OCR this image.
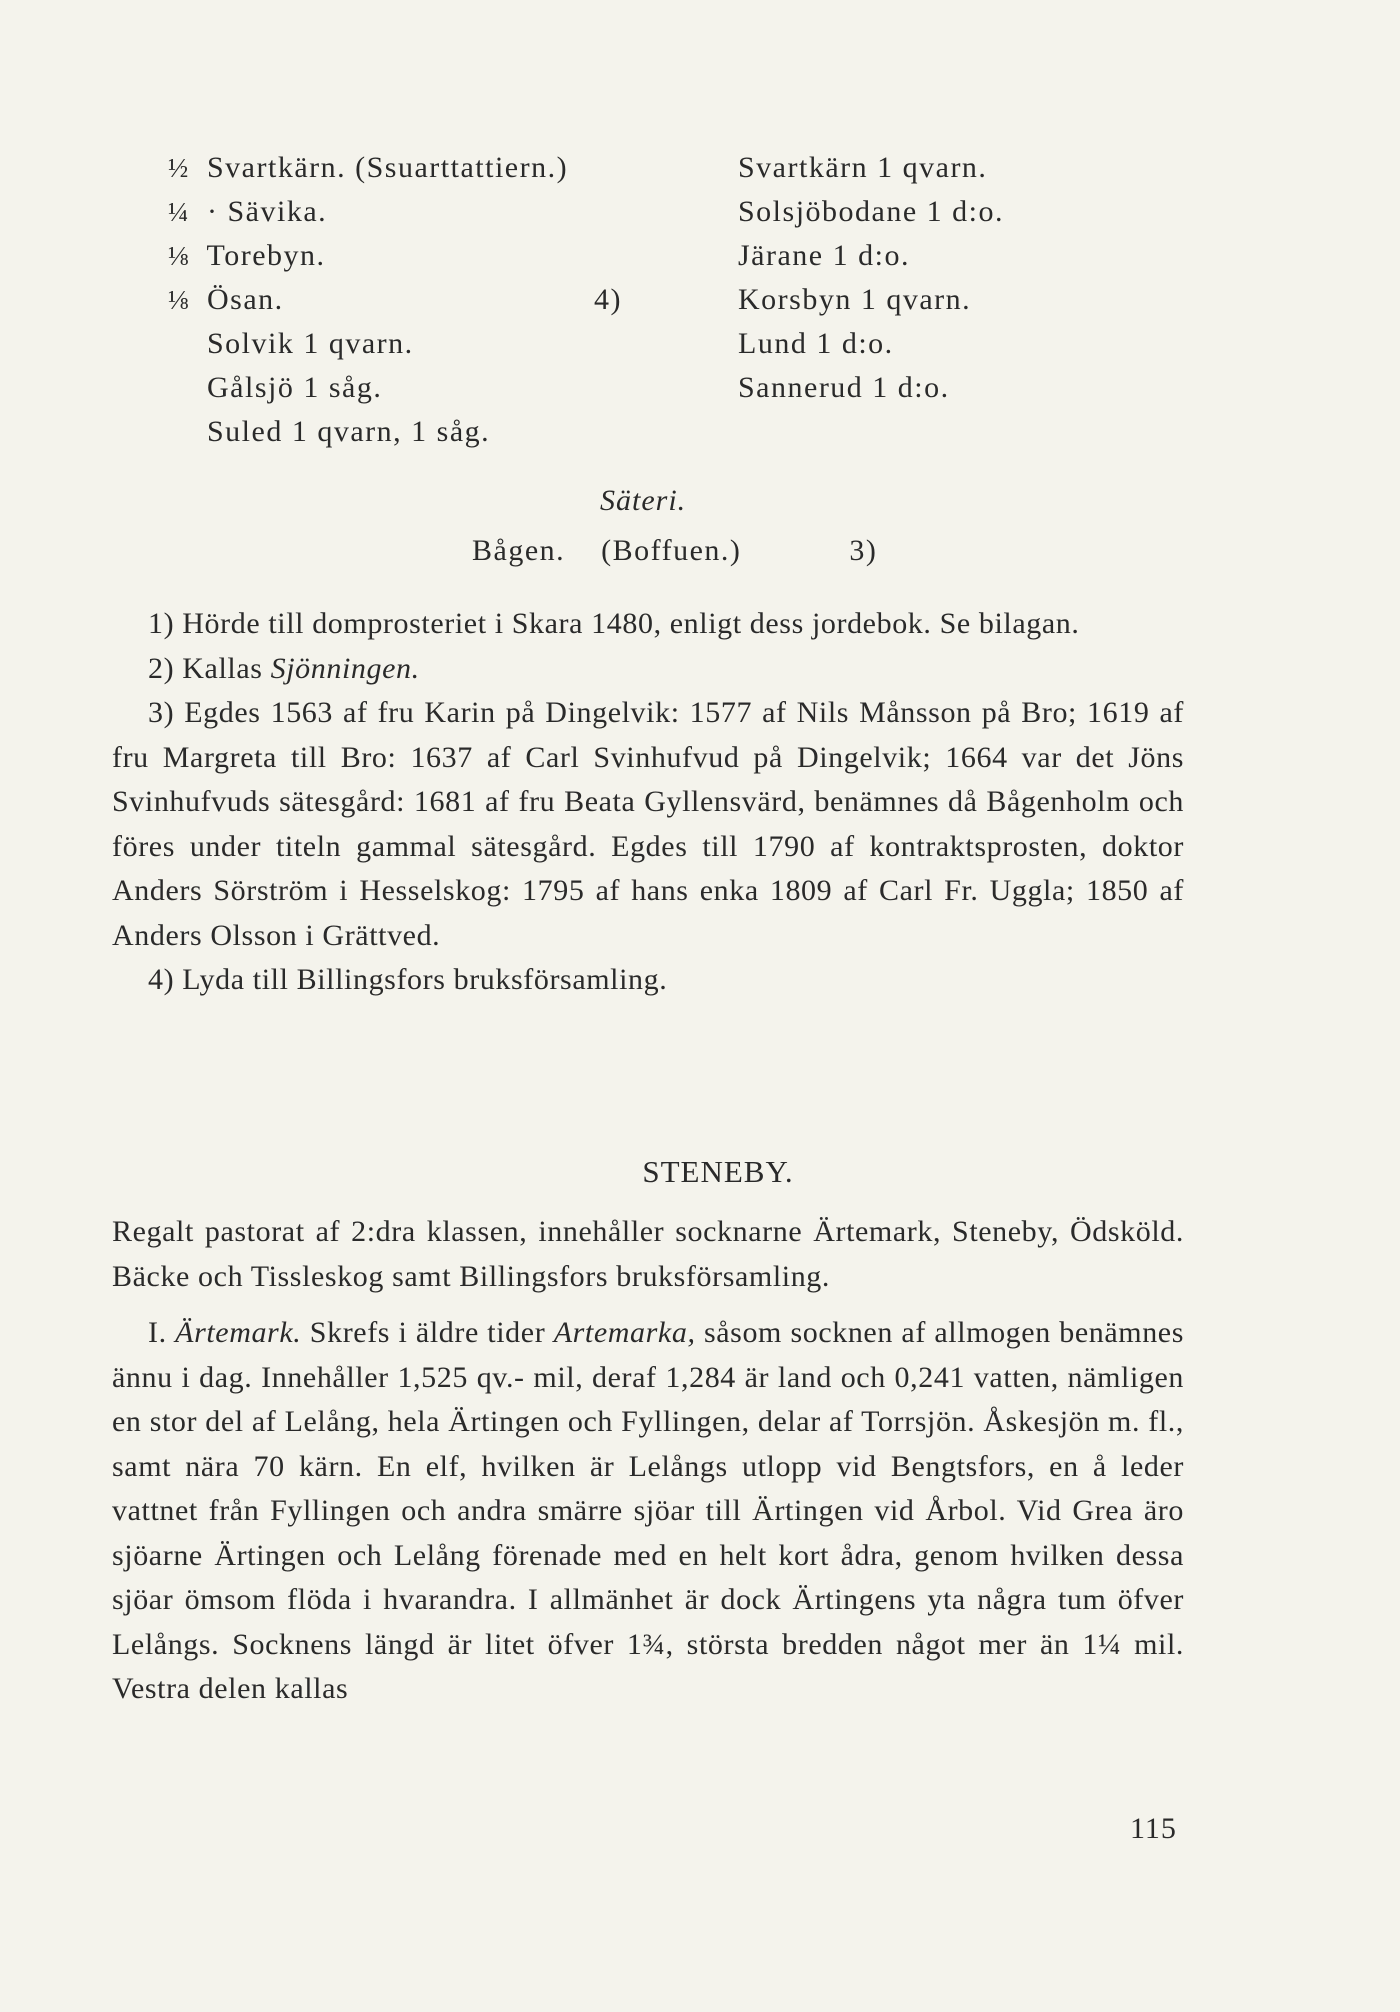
½ Svartkärn. (Ssuarttattiern.)
¼ · Sävika.
⅛ Torebyn.
⅛ Ösan.	4)
Solvik 1 qvarn.
Gålsjö 1 såg.
Suled 1 qvarn, 1 såg.
Svartkärn 1 qvarn.
Solsjöbodane 1 d:o.
Järane 1 d:o.
Korsbyn 1 qvarn.
Lund 1 d:o.
Sannerud 1 d:o.
Säteri.
Bågen. (Boffuen.)	3)

1) Hörde till domprosteriet i Skara 1480, enligt dess jordebok. Se bilagan.

2) Kallas Sjönningen.

3) Egdes 1563 af fru Karin på Dingelvik: 1577 af Nils Månsson på Bro; 1619 af fru Margreta till Bro: 1637 af Carl Svinhufvud på Dingelvik; 1664 var det Jöns Svinhufvuds sätesgård: 1681 af fru Beata Gyllensvärd, benämnes då Bågenholm och föres under titeln gammal sätesgård. Egdes till 1790 af kontraktsprosten, doktor Anders Sörström i Hesselskog: 1795 af hans enka 1809 af Carl Fr. Uggla; 1850 af Anders Olsson i Grättved.

4) Lyda till Billingsfors bruksförsamling.

STENEBY.

Regalt pastorat af 2:dra klassen, innehåller socknarne Ärtemark, Steneby, Ödsköld. Bäcke och Tissleskog samt Billingsfors bruksförsamling.

I. Ärtemark. Skrefs i äldre tider Artemarka, såsom socknen af allmogen benämnes ännu i dag. Innehåller 1,525 qv.- mil, deraf 1,284 är land och 0,241 vatten, nämligen en stor del af Lelång, hela Ärtingen och Fyllingen, delar af Torrsjön. Åskesjön m. fl., samt nära 70 kärn. En elf, hvilken är Lelångs utlopp vid Bengtsfors, en å leder vattnet från Fyllingen och andra smärre sjöar till Ärtingen vid Årbol. Vid Grea äro sjöarne Ärtingen och Lelång förenade med en helt kort ådra, genom hvilken dessa sjöar ömsom flöda i hvarandra. I allmänhet är dock Ärtingens yta några tum öfver Lelångs. Socknens längd är litet öfver 1¾, största bredden något mer än 1¼ mil. Vestra delen kallas

115
